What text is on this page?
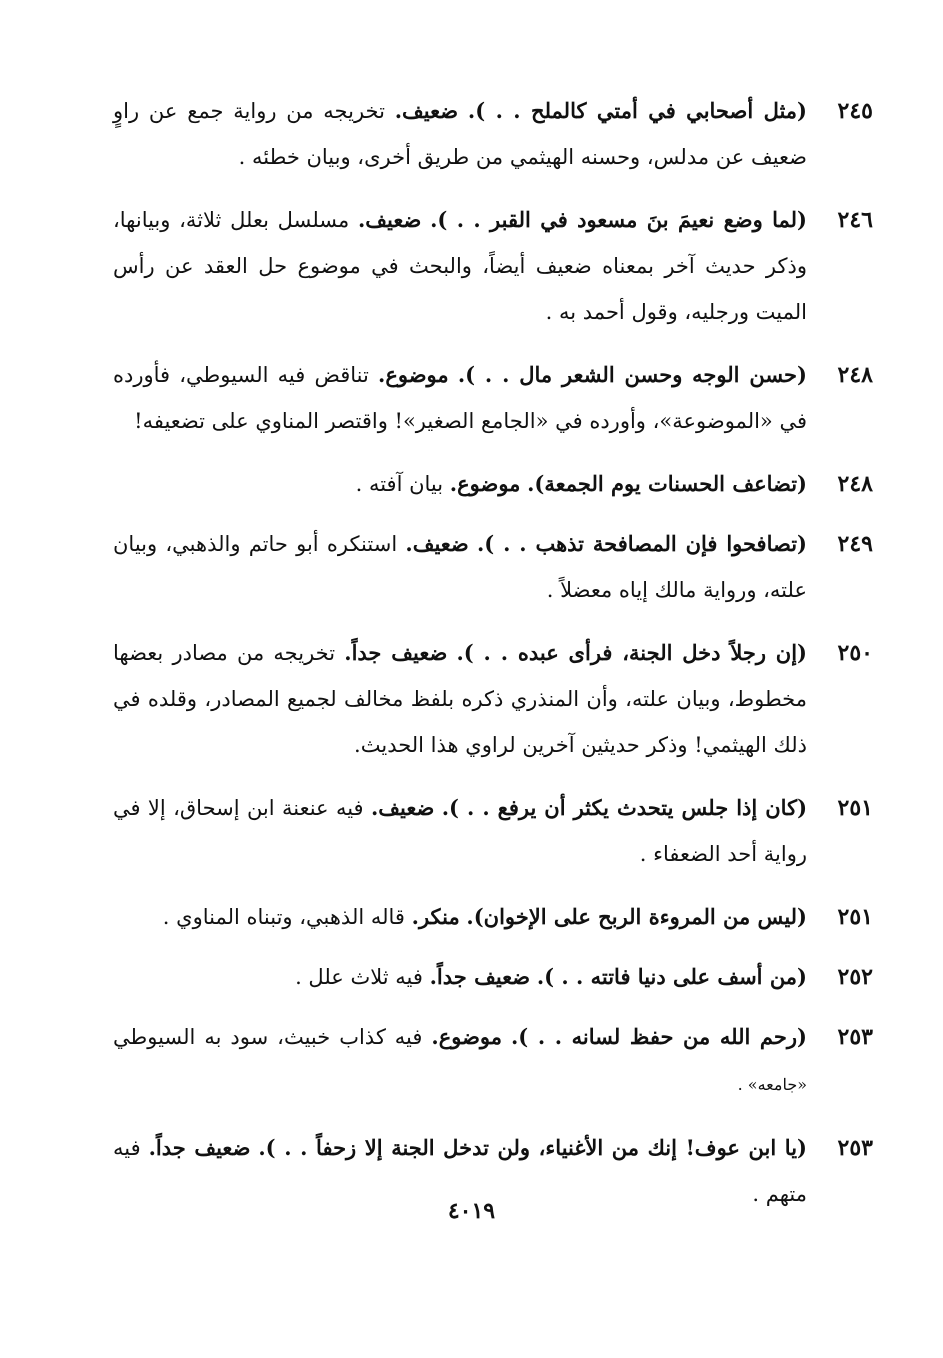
٢٤٥
(مثل أصحابي في أمتي كالملح . . ). ضعيف. تخريجه من رواية جمع عن راوٍ ضعيف عن مدلس، وحسنه الهيثمي من طريق أخرى، وبيان خطئه .
٢٤٦
(لما وضع نعيمَ بنَ مسعود في القبر . . ). ضعيف. مسلسل بعلل ثلاثة، وبيانها، وذكر حديث آخر بمعناه ضعيف أيضاً، والبحث في موضوع حل العقد عن رأس الميت ورجليه، وقول أحمد به .
٢٤٨
(حسن الوجه وحسن الشعر مال . . ). موضوع. تناقض فيه السيوطي، فأورده في «الموضوعة»، وأورده في «الجامع الصغير»! واقتصر المناوي على تضعيفه!
٢٤٨
(تضاعف الحسنات يوم الجمعة). موضوع. بيان آفته .
٢٤٩
(تصافحوا فإن المصافحة تذهب . . ). ضعيف. استنكره أبو حاتم والذهبي، وبيان علته، ورواية مالك إياه معضلاً .
٢٥٠
(إن رجلاً دخل الجنة، فرأى عبده . . ). ضعيف جداً. تخريجه من مصادر بعضها مخطوط، وبيان علته، وأن المنذري ذكره بلفظ مخالف لجميع المصادر، وقلده في ذلك الهيثمي! وذكر حديثين آخرين لراوي هذا الحديث.
٢٥١
(كان إذا جلس يتحدث يكثر أن يرفع . . ). ضعيف. فيه عنعنة ابن إسحاق، إلا في رواية أحد الضعفاء .
٢٥١
(ليس من المروءة الربح على الإخوان). منكر. قاله الذهبي، وتبناه المناوي .
٢٥٢
(من أسف على دنيا فاتته . . ). ضعيف جداً. فيه ثلاث علل .
٢٥٣
(رحم الله من حفظ لسانه . . ). موضوع. فيه كذاب خبيث، سود به السيوطي «جامعه» .
٢٥٣
(يا ابن عوف! إنك من الأغنياء، ولن تدخل الجنة إلا زحفاً . . ). ضعيف جداً. فيه متهم .
٤٠١٩
